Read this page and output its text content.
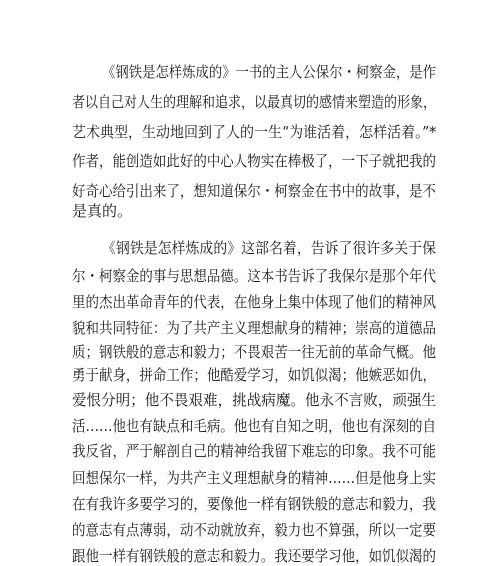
《钢铁是怎样炼成的》一书的主人公保尔・柯察金，是作
者以自己对人生的理解和追求，以最真切的感情来塑造的形象，
艺术典型，生动地回到了人的一生“为谁活着，怎样活着。”*
作者，能创造如此好的中心人物实在棒极了，一下子就把我的
好奇心给引出来了，想知道保尔・柯察金在书中的故事，是不
是真的。
《钢铁是怎样炼成的》这部名着，告诉了很许多关于保
尔・柯察金的事与思想品德。这本书告诉了我保尔是那个年代
里的杰出革命青年的代表，在他身上集中体现了他们的精神风
貌和共同特征：为了共产主义理想献身的精神；崇高的道德品
质；钢铁般的意志和毅力；不畏艰苦一往无前的革命气概。他
勇于献身，拼命工作；他酷爱学习，如饥似渴；他嫉恶如仇，
爱恨分明；他不畏艰难，挑战病魔。他永不言败，顽强生
活……他也有缺点和毛病。他也有自知之明，他也有深刻的自
我反省，严于解剖自己的精神给我留下难忘的印象。我不可能
回想保尔一样，为共产主义理想献身的精神……但是他身上实
在有我许多要学习的，要像他一样有钢铁般的意志和毅力，我
的意志有点薄弱，动不动就放弃，毅力也不算强，所以一定要
跟他一样有钢铁般的意志和毅力。我还要学习他，如饥似渴的
